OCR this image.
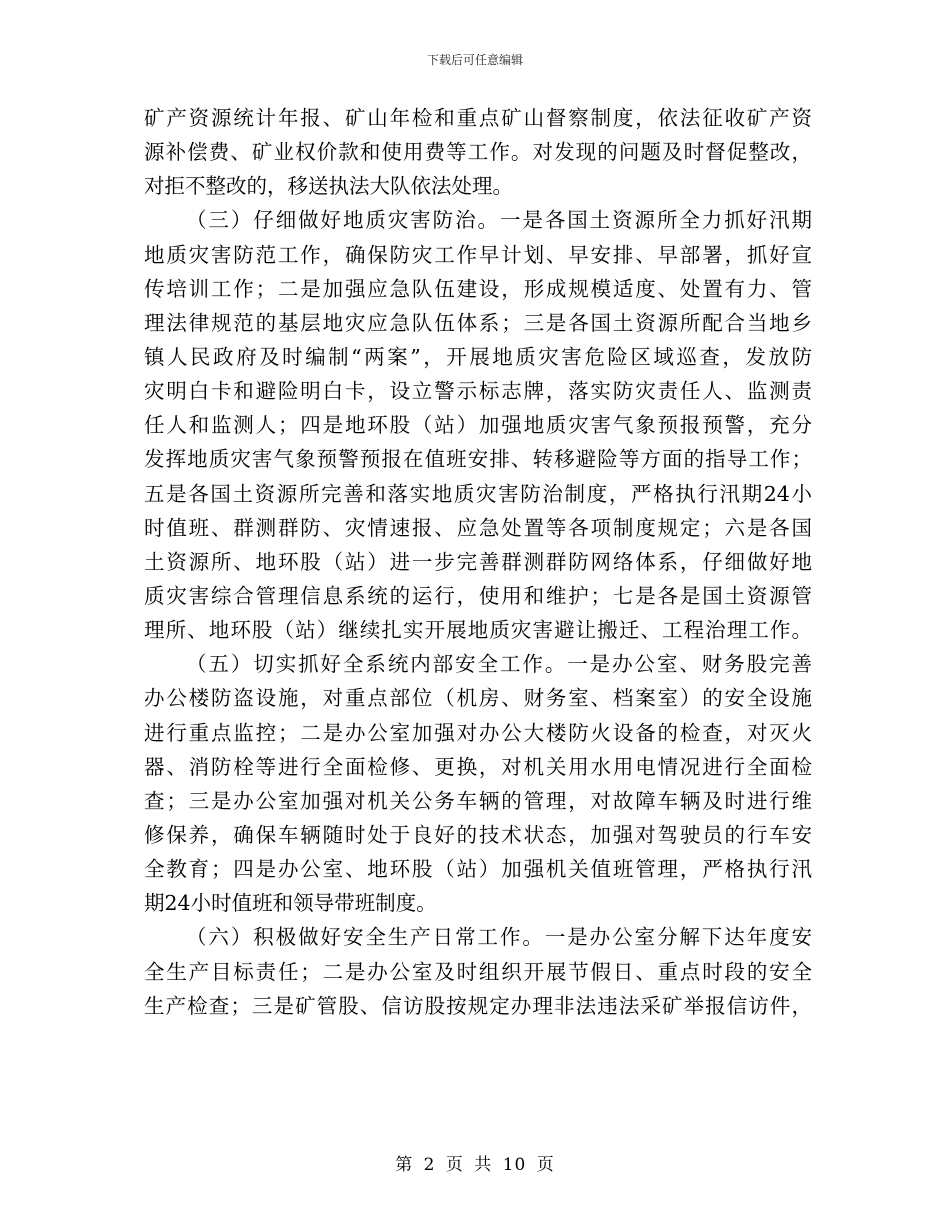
下载后可任意编辑
矿产资源统计年报、矿山年检和重点矿山督察制度，依法征收矿产资
源补偿费、矿业权价款和使用费等工作。对发现的问题及时督促整改，
对拒不整改的，移送执法大队依法处理。
（三）仔细做好地质灾害防治。一是各国土资源所全力抓好汛期
地质灾害防范工作，确保防灾工作早计划、早安排、早部署，抓好宣
传培训工作；二是加强应急队伍建设，形成规模适度、处置有力、管
理法律规范的基层地灾应急队伍体系；三是各国土资源所配合当地乡
镇人民政府及时编制“两案”，开展地质灾害危险区域巡查，发放防
灾明白卡和避险明白卡，设立警示标志牌，落实防灾责任人、监测责
任人和监测人；四是地环股（站）加强地质灾害气象预报预警，充分
发挥地质灾害气象预警预报在值班安排、转移避险等方面的指导工作；
五是各国土资源所完善和落实地质灾害防治制度，严格执行汛期24小
时值班、群测群防、灾情速报、应急处置等各项制度规定；六是各国
土资源所、地环股（站）进一步完善群测群防网络体系，仔细做好地
质灾害综合管理信息系统的运行，使用和维护；七是各是国土资源管
理所、地环股（站）继续扎实开展地质灾害避让搬迁、工程治理工作。
（五）切实抓好全系统内部安全工作。一是办公室、财务股完善
办公楼防盗设施，对重点部位（机房、财务室、档案室）的安全设施
进行重点监控；二是办公室加强对办公大楼防火设备的检查，对灭火
器、消防栓等进行全面检修、更换，对机关用水用电情况进行全面检
查；三是办公室加强对机关公务车辆的管理，对故障车辆及时进行维
修保养，确保车辆随时处于良好的技术状态，加强对驾驶员的行车安
全教育；四是办公室、地环股（站）加强机关值班管理，严格执行汛
期24小时值班和领导带班制度。
（六）积极做好安全生产日常工作。一是办公室分解下达年度安
全生产目标责任；二是办公室及时组织开展节假日、重点时段的安全
生产检查；三是矿管股、信访股按规定办理非法违法采矿举报信访件，
第 2 页 共 10 页
